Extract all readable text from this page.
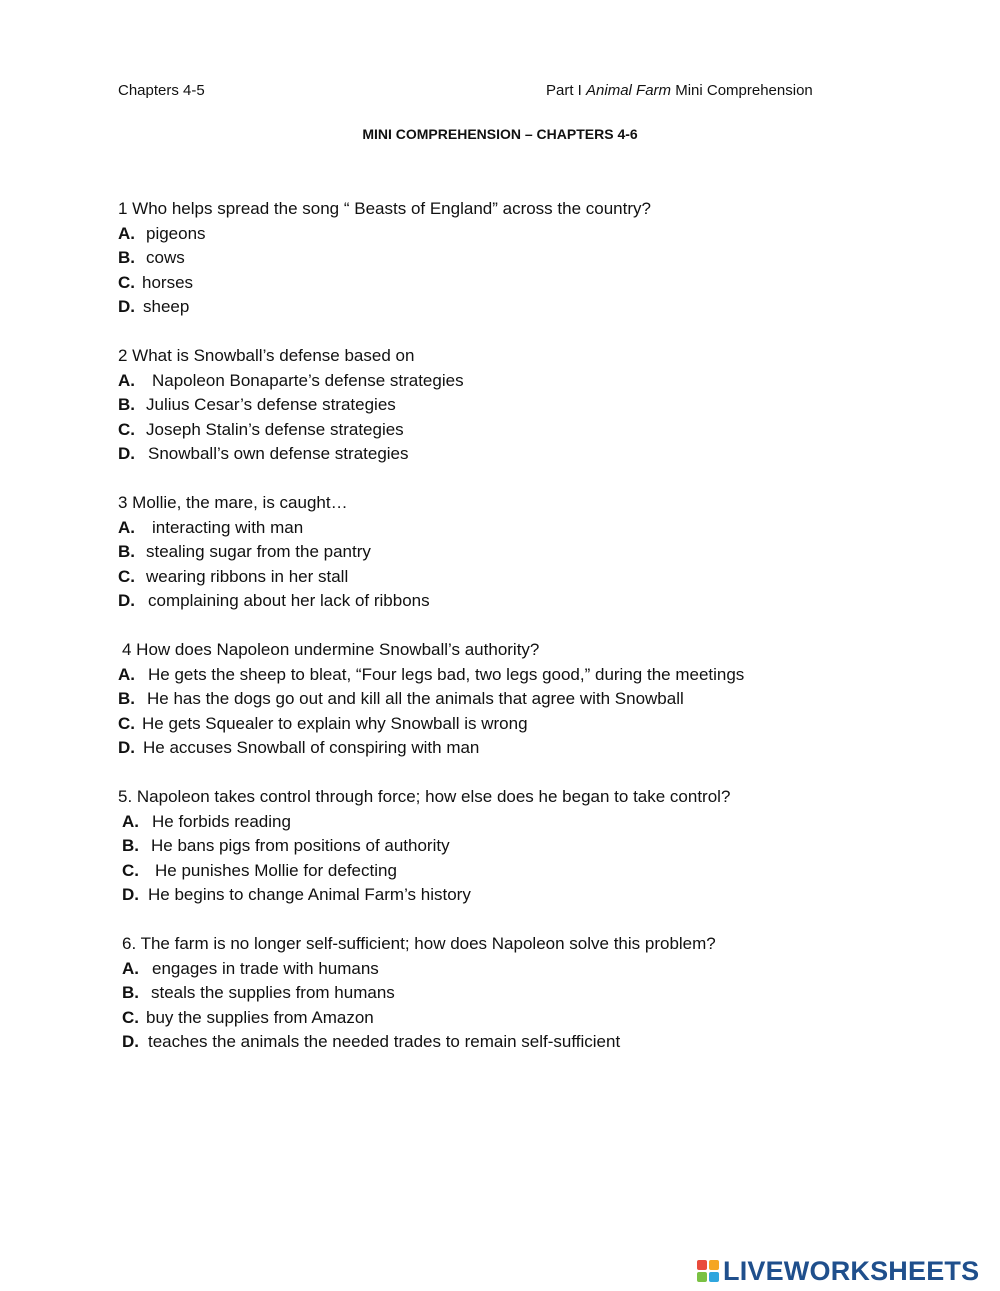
Chapters 4-5	Part I Animal Farm Mini Comprehension
MINI COMPREHENSION – CHAPTERS 4-6
1 Who helps spread the song “ Beasts of England” across the country?
A. pigeons
B. cows
C. horses
D. sheep
2 What is Snowball’s defense based on
A. Napoleon Bonaparte’s defense strategies
B. Julius Cesar’s defense strategies
C. Joseph Stalin’s defense strategies
D. Snowball’s own defense strategies
3 Mollie, the mare, is caught…
A. interacting with man
B. stealing sugar from the pantry
C. wearing ribbons in her stall
D. complaining about her lack of ribbons
4 How does Napoleon undermine Snowball’s authority?
A. He gets the sheep to bleat, “Four legs bad, two legs good,” during the meetings
B. He has the dogs go out and kill all the animals that agree with Snowball
C. He gets Squealer to explain why Snowball is wrong
D. He accuses Snowball of conspiring with man
5. Napoleon takes control through force; how else does he began to take control?
A. He forbids reading
B. He bans pigs from positions of authority
C. He punishes Mollie for defecting
D. He begins to change Animal Farm’s history
6. The farm is no longer self-sufficient; how does Napoleon solve this problem?
A. engages in trade with humans
B. steals the supplies from humans
C. buy the supplies from Amazon
D. teaches the animals the needed trades to remain self-sufficient
LIVEWORKSHEETS
